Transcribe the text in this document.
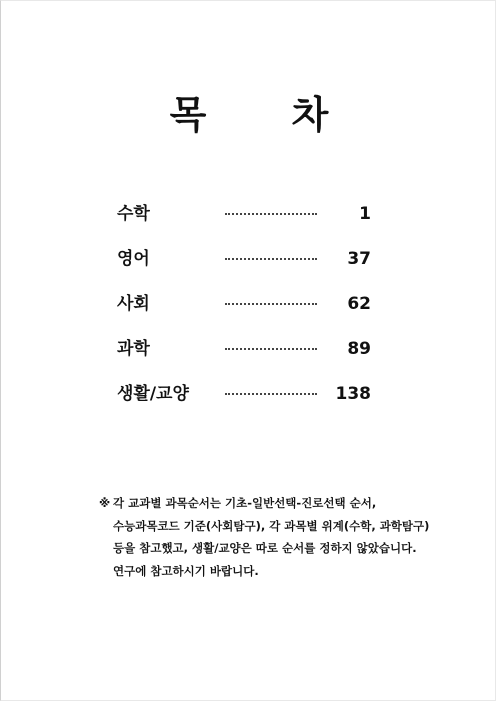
목 차
수학	1
영어	37
사회	62
과학	89
생활/교양	138
※ 각 교과별 과목순서는 기초-일반선택-진로선택 순서,
수능과목코드 기준(사회탐구), 각 과목별 위계(수학, 과학탐구)
등을 참고했고, 생활/교양은 따로 순서를 정하지 않았습니다.
연구에 참고하시기 바랍니다.
